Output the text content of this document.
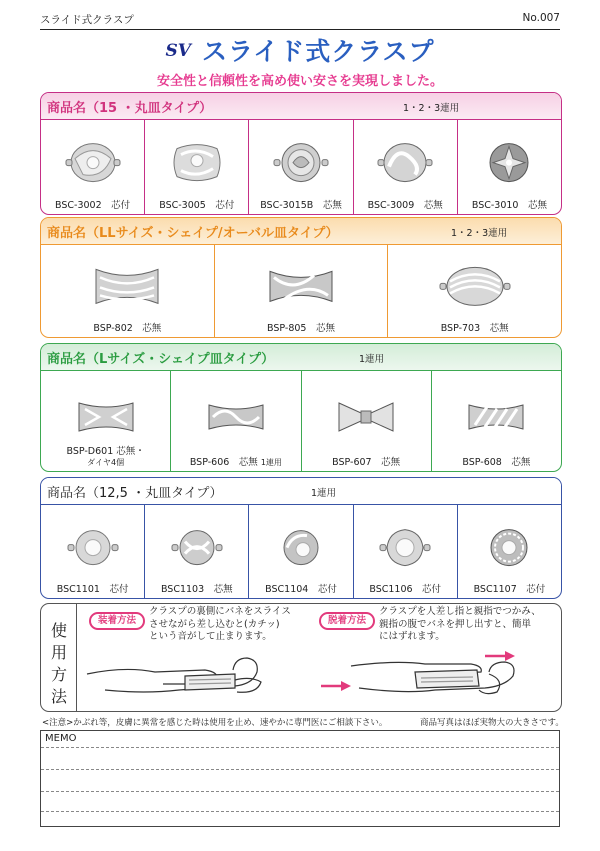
スライド式クラスプ	No.007
SV スライド式クラスプ
安全性と信頼性を高め使い安さを実現しました。
商品名（15 ・丸皿タイプ）	1・2・3連用
BSC-3002　芯付	BSC-3005　芯付	BSC-3015B　芯無	BSC-3009　芯無	BSC-3010　芯無
商品名（LLサイズ・シェイプ/オーバル皿タイプ）	1・2・3連用
BSP-802　芯無	BSP-805　芯無	BSP-703　芯無
商品名（Lサイズ・シェイプ皿タイプ）	1連用
BSP-D601 芯無・
ダイヤ4個	BSP-606　芯無 1連用	BSP-607　芯無	BSP-608　芯無
商品名（12,5 ・丸皿タイプ）	1連用
BSC1101　芯付	BSC1103　芯無	BSC1104　芯付	BSC1106　芯付	BSC1107　芯付
使
用
方
法
装着方法
クラスプの裏側にバネをスライス
させながら差し込むと(カチッ)
という音がして止まります。
脱着方法
クラスプを人差し指と親指でつかみ、
親指の腹でバネを押し出すと、簡単
にはずれます。
<注意>かぶれ等，皮膚に異常を感じた時は使用を止め、速やかに専門医にご相談下さい。	商品写真はほぼ実物大の大きさです。
MEMO
